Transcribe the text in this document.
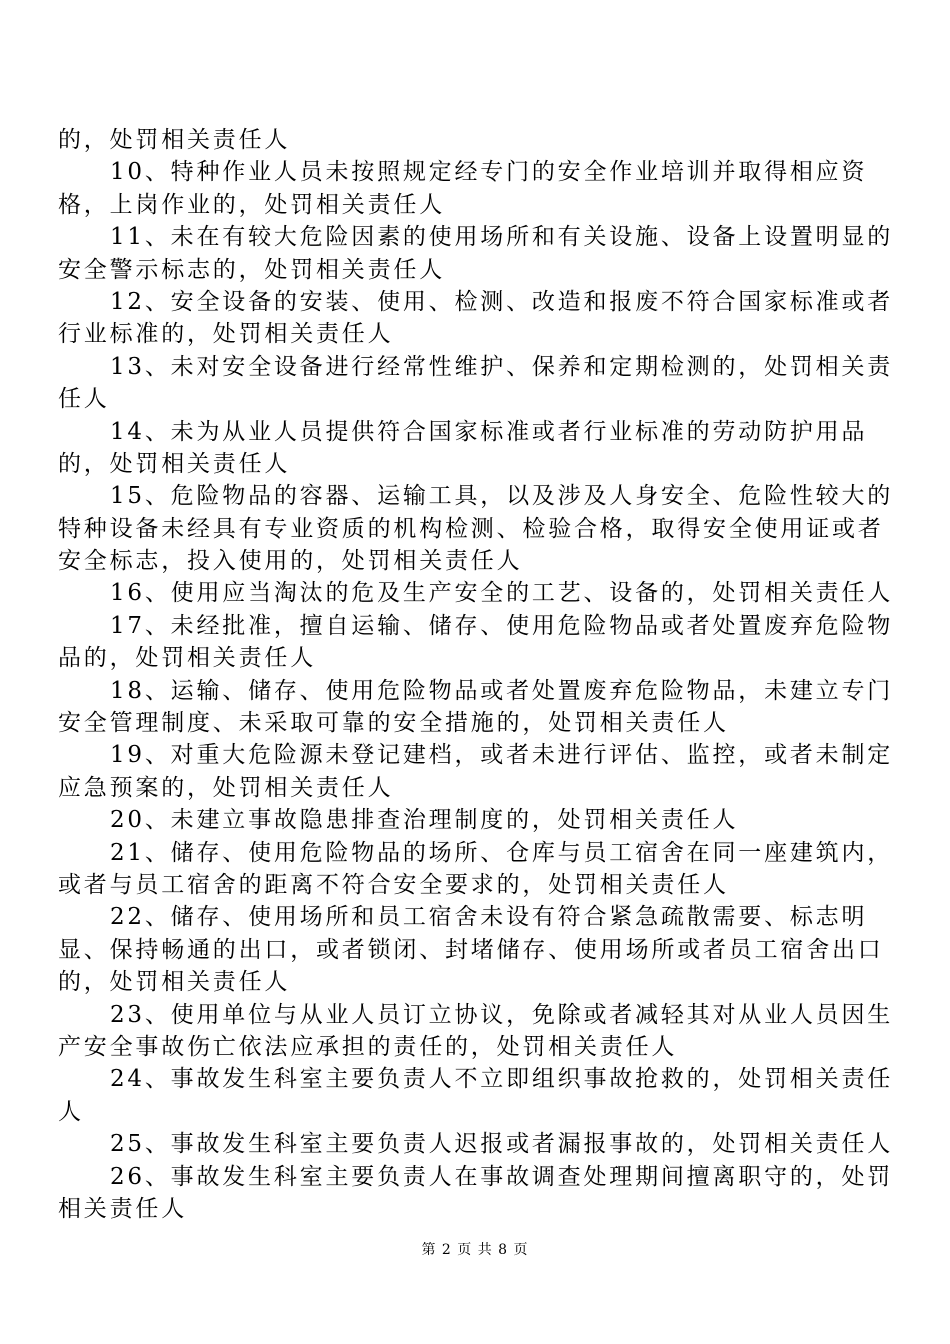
的，处罚相关责任人
10、特种作业人员未按照规定经专门的安全作业培训并取得相应资
格，上岗作业的，处罚相关责任人
11、未在有较大危险因素的使用场所和有关设施、设备上设置明显的
安全警示标志的，处罚相关责任人
12、安全设备的安装、使用、检测、改造和报废不符合国家标准或者
行业标准的，处罚相关责任人
13、未对安全设备进行经常性维护、保养和定期检测的，处罚相关责
任人
14、未为从业人员提供符合国家标准或者行业标准的劳动防护用品
的，处罚相关责任人
15、危险物品的容器、运输工具，以及涉及人身安全、危险性较大的
特种设备未经具有专业资质的机构检测、检验合格，取得安全使用证或者
安全标志，投入使用的，处罚相关责任人
16、使用应当淘汰的危及生产安全的工艺、设备的，处罚相关责任人
17、未经批准，擅自运输、储存、使用危险物品或者处置废弃危险物
品的，处罚相关责任人
18、运输、储存、使用危险物品或者处置废弃危险物品，未建立专门
安全管理制度、未采取可靠的安全措施的，处罚相关责任人
19、对重大危险源未登记建档，或者未进行评估、监控，或者未制定
应急预案的，处罚相关责任人
20、未建立事故隐患排查治理制度的，处罚相关责任人
21、储存、使用危险物品的场所、仓库与员工宿舍在同一座建筑内，
或者与员工宿舍的距离不符合安全要求的，处罚相关责任人
22、储存、使用场所和员工宿舍未设有符合紧急疏散需要、标志明
显、保持畅通的出口，或者锁闭、封堵储存、使用场所或者员工宿舍出口
的，处罚相关责任人
23、使用单位与从业人员订立协议，免除或者减轻其对从业人员因生
产安全事故伤亡依法应承担的责任的，处罚相关责任人
24、事故发生科室主要负责人不立即组织事故抢救的，处罚相关责任
人
25、事故发生科室主要负责人迟报或者漏报事故的，处罚相关责任人
26、事故发生科室主要负责人在事故调查处理期间擅离职守的，处罚
相关责任人
第 2 页 共 8 页
